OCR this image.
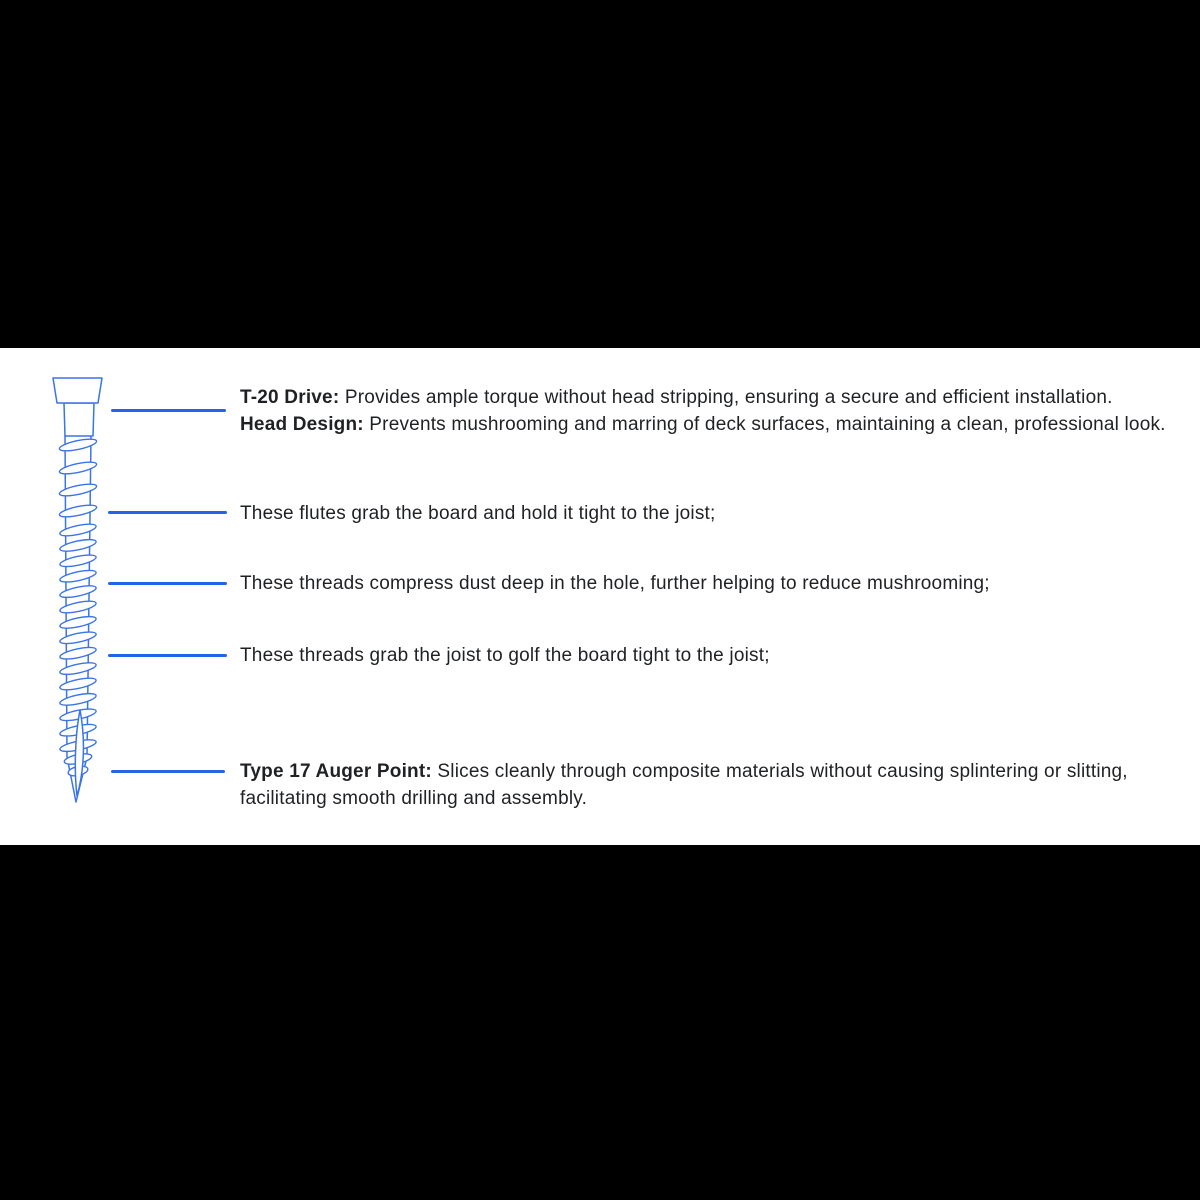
T-20 Drive: Provides ample torque without head stripping, ensuring a secure and efficient installation.
Head Design: Prevents mushrooming and marring of deck surfaces, maintaining a clean, professional look.
These flutes grab the board and hold it tight to the joist;
These threads compress dust deep in the hole, further helping to reduce mushrooming;
These threads grab the joist to golf the board tight to the joist;
Type 17 Auger Point: Slices cleanly through composite materials without causing splintering or slitting, facilitating smooth drilling and assembly.
